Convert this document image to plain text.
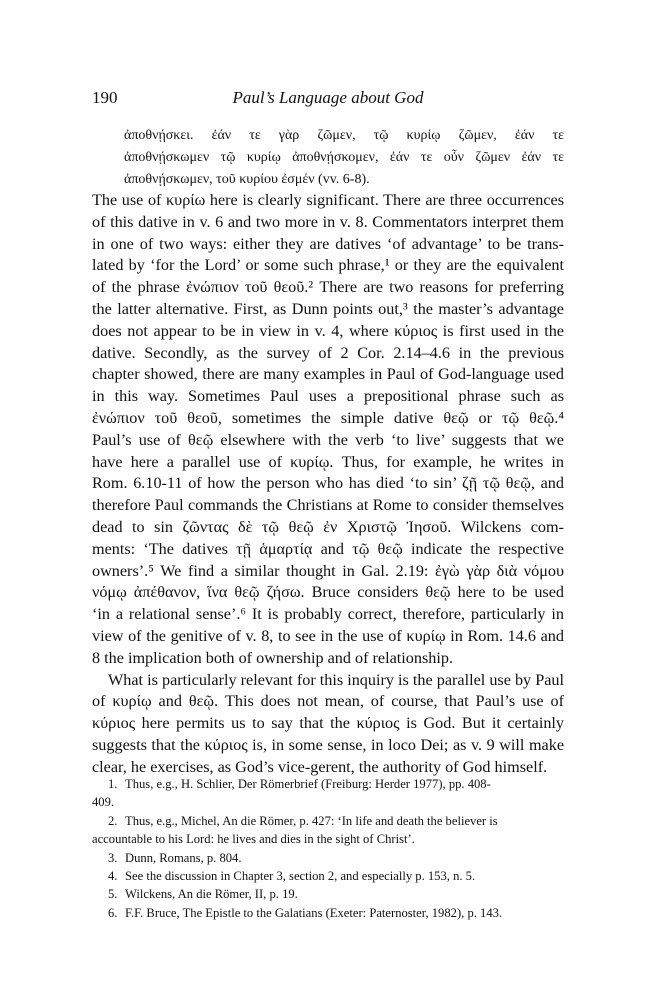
190	Paul’s Language about God
ἀποθνῄσκει. ἐάν τε γὰρ ζῶμεν, τῷ κυρίῳ ζῶμεν, ἐάν τε
ἀποθνῄσκωμεν τῷ κυρίῳ ἀποθνῄσκομεν, ἐάν τε οὖν ζῶμεν ἐάν τε
ἀποθνῄσκωμεν, τοῦ κυρίου ἐσμέν (vv. 6-8).
The use of κυρίω here is clearly significant. There are three occurrences
of this dative in v. 6 and two more in v. 8. Commentators interpret them
in one of two ways: either they are datives ‘of advantage’ to be trans-
lated by ‘for the Lord’ or some such phrase,¹ or they are the equivalent
of the phrase ἐνώπιον τοῦ θεοῦ.² There are two reasons for preferring
the latter alternative. First, as Dunn points out,³ the master’s advantage
does not appear to be in view in v. 4, where κύριος is first used in the
dative. Secondly, as the survey of 2 Cor. 2.14–4.6 in the previous
chapter showed, there are many examples in Paul of God-language used
in this way. Sometimes Paul uses a prepositional phrase such as
ἐνώπιον τοῦ θεοῦ, sometimes the simple dative θεῷ or τῷ θεῷ.⁴
Paul’s use of θεῷ elsewhere with the verb ‘to live’ suggests that we
have here a parallel use of κυρίῳ. Thus, for example, he writes in
Rom. 6.10-11 of how the person who has died ‘to sin’ ζῇ τῷ θεῷ, and
therefore Paul commands the Christians at Rome to consider themselves
dead to sin ζῶντας δὲ τῷ θεῷ ἐν Χριστῷ Ἰησοῦ. Wilckens com-
ments: ‘The datives τῇ ἁμαρτίᾳ and τῷ θεῷ indicate the respective
owners’.⁵ We find a similar thought in Gal. 2.19: ἐγὼ γὰρ διὰ νόμου
νόμῳ ἀπέθανον, ἵνα θεῷ ζήσω. Bruce considers θεῷ here to be used
‘in a relational sense’.⁶ It is probably correct, therefore, particularly in
view of the genitive of v. 8, to see in the use of κυρίῳ in Rom. 14.6 and
8 the implication both of ownership and of relationship.
What is particularly relevant for this inquiry is the parallel use by Paul
of κυρίῳ and θεῷ. This does not mean, of course, that Paul’s use of
κύριος here permits us to say that the κύριος is God. But it certainly
suggests that the κύριος is, in some sense, in loco Dei; as v. 9 will make
clear, he exercises, as God’s vice-gerent, the authority of God himself.
1. Thus, e.g., H. Schlier, Der Römerbrief (Freiburg: Herder 1977), pp. 408-
409.
2. Thus, e.g., Michel, An die Römer, p. 427: ‘In life and death the believer is
accountable to his Lord: he lives and dies in the sight of Christ’.
3. Dunn, Romans, p. 804.
4. See the discussion in Chapter 3, section 2, and especially p. 153, n. 5.
5. Wilckens, An die Römer, II, p. 19.
6. F.F. Bruce, The Epistle to the Galatians (Exeter: Paternoster, 1982), p. 143.
